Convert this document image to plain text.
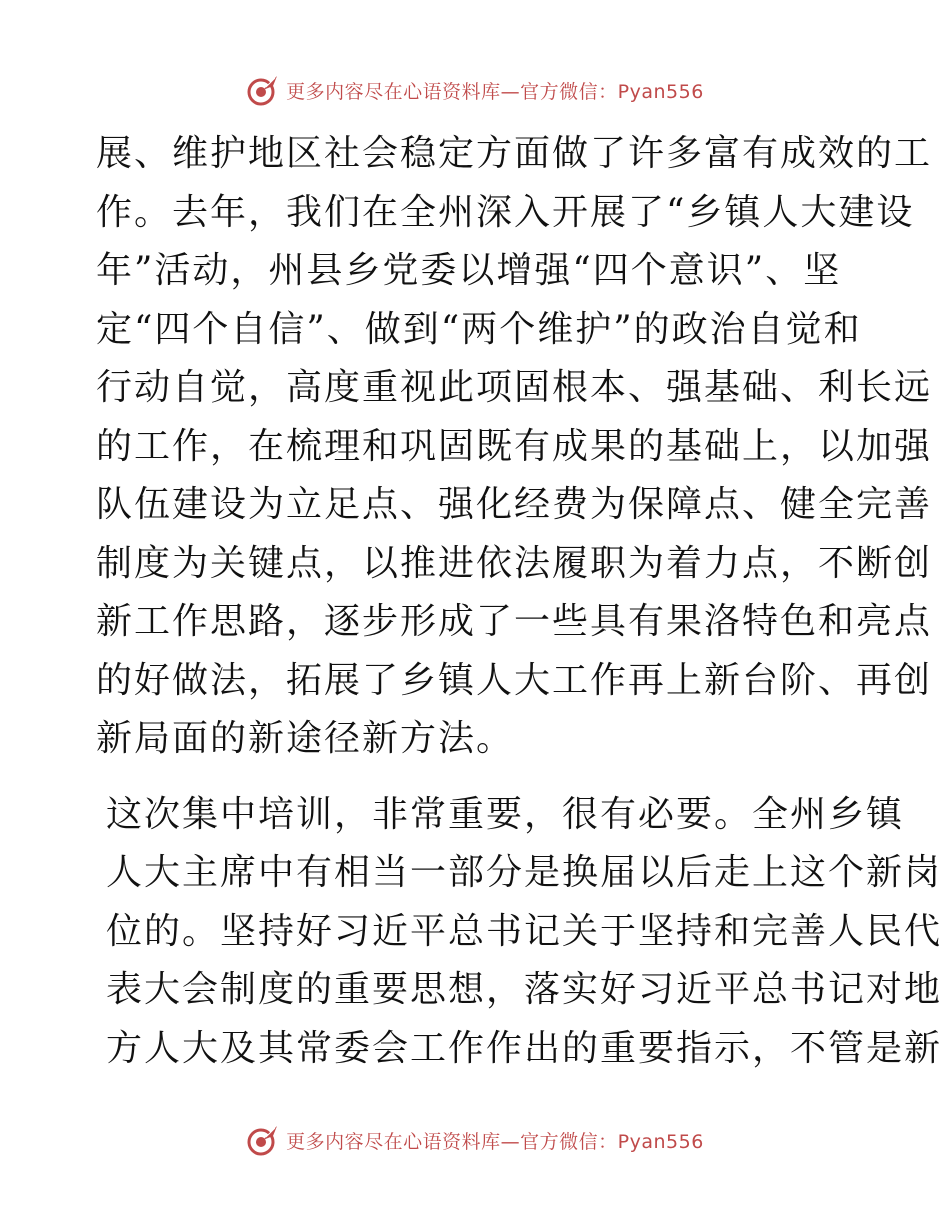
更多内容尽在心语资料库—官方微信：Pyan556

展、维护地区社会稳定方面做了许多富有成效的工
作。去年，我们在全州深入开展了“乡镇人大建设
年”活动，州县乡党委以增强“四个意识”、坚
定“四个自信”、做到“两个维护”的政治自觉和
行动自觉，高度重视此项固根本、强基础、利长远
的工作，在梳理和巩固既有成果的基础上，以加强
队伍建设为立足点、强化经费为保障点、健全完善
制度为关键点，以推进依法履职为着力点，不断创
新工作思路，逐步形成了一些具有果洛特色和亮点
的好做法，拓展了乡镇人大工作再上新台阶、再创
新局面的新途径新方法。

这次集中培训，非常重要，很有必要。全州乡镇
人大主席中有相当一部分是换届以后走上这个新岗
位的。坚持好习近平总书记关于坚持和完善人民代
表大会制度的重要思想，落实好习近平总书记对地
方人大及其常委会工作作出的重要指示，不管是新

更多内容尽在心语资料库—官方微信：Pyan556
